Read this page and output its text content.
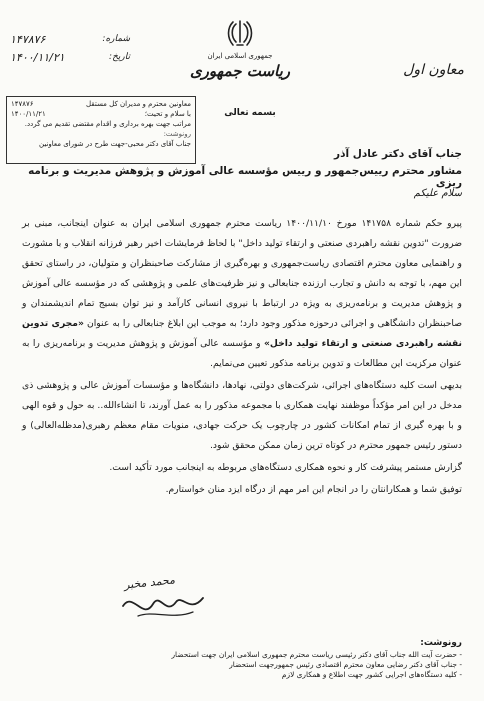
شماره:
۱۴۷۸۷۶
تاریخ:
۱۴۰۰/۱۱/۲۱	جمهوری اسلامی ایران
ریاست جمهوری	معاون اول
معاونین محترم و مدیران کل مستقل
۱۴۷۸۷۶
با سلام و تحیت؛
۱۴۰۰/۱۱/۲۱
مراتب جهت بهره برداری و اقدام مقتضی تقدیم می گردد.
رونوشت:
جناب آقای دکتر محبی-جهت طرح در شورای معاونین
بسمه تعالی
جناب آقای دکتر عادل آذر
مشاور محترم رییس‌جمهور و رییس مؤسسه عالی آموزش و پژوهش مدیریت و برنامه ریزی
سلام علیکم

پیرو حکم شماره ۱۴۱۷۵۸ مورخ ۱۴۰۰/۱۱/۱۰ ریاست محترم جمهوری اسلامی ایران به عنوان اینجانب، مبنی بر ضرورت "تدوین نقشه راهبردی صنعتی و ارتقاء تولید داخل" با لحاظ فرمایشات اخیر رهبر فرزانه انقلاب و با مشورت و راهنمایی معاون محترم اقتصادی ریاست‌جمهوری و بهره‌گیری از مشارکت صاحبنظران و متولیان، در راستای تحقق این مهم، با توجه به دانش و تجارب ارزنده جنابعالی و نیز ظرفیت‌های علمی و پژوهشی که در مؤسسه عالی آموزش و پژوهش مدیریت و برنامه‌ریزی به ویژه در ارتباط با نیروی انسانی کارآمد و نیز توان بسیج تمام اندیشمندان و صاحبنظران دانشگاهی و اجرائی درحوزه مذکور وجود دارد؛ به موجب این ابلاغ جنابعالی را به عنوان «مجری تدوین نقشه راهبردی صنعتی و ارتقاء تولید داخل» و مؤسسه عالی آموزش و پژوهش مدیریت و برنامه‌ریزی را به عنوان مرکزیت این مطالعات و تدوین برنامه مذکور تعیین می‌نمایم.

بدیهی است کلیه دستگاه‌های اجرائی، شرکت‌های دولتی، نهادها، دانشگاه‌ها و مؤسسات آموزش عالی و پژوهشی ذی مدخل در این امر مؤکداً موظفند نهایت همکاری با مجموعه مذکور را به عمل آورند، تا انشاءالله.. به حول و قوه الهی و با بهره گیری از تمام امکانات کشور در چارچوب یک حرکت جهادی، منویات مقام معظم رهبری(مدظله‌العالی) و دستور رئیس جمهور محترم در کوتاه ترین زمان ممکن محقق شود.

گزارش مستمر پیشرفت کار و نحوه همکاری دستگاه‌های مربوطه به اینجانب مورد تأکید است.

توفیق شما و همکارانتان را در انجام این امر مهم از درگاه ایزد منان خواستارم.

محمد مخبر
رونوشت:
- حضرت آیت الله جناب آقای دکتر رئیسی ریاست محترم جمهوری اسلامی ایران جهت استحضار
- جناب آقای دکتر رضایی معاون محترم اقتصادی رئیس جمهورجهت استحضار
- کلیه دستگاه‌های اجرایی کشور جهت اطلاع و همکاری لازم
